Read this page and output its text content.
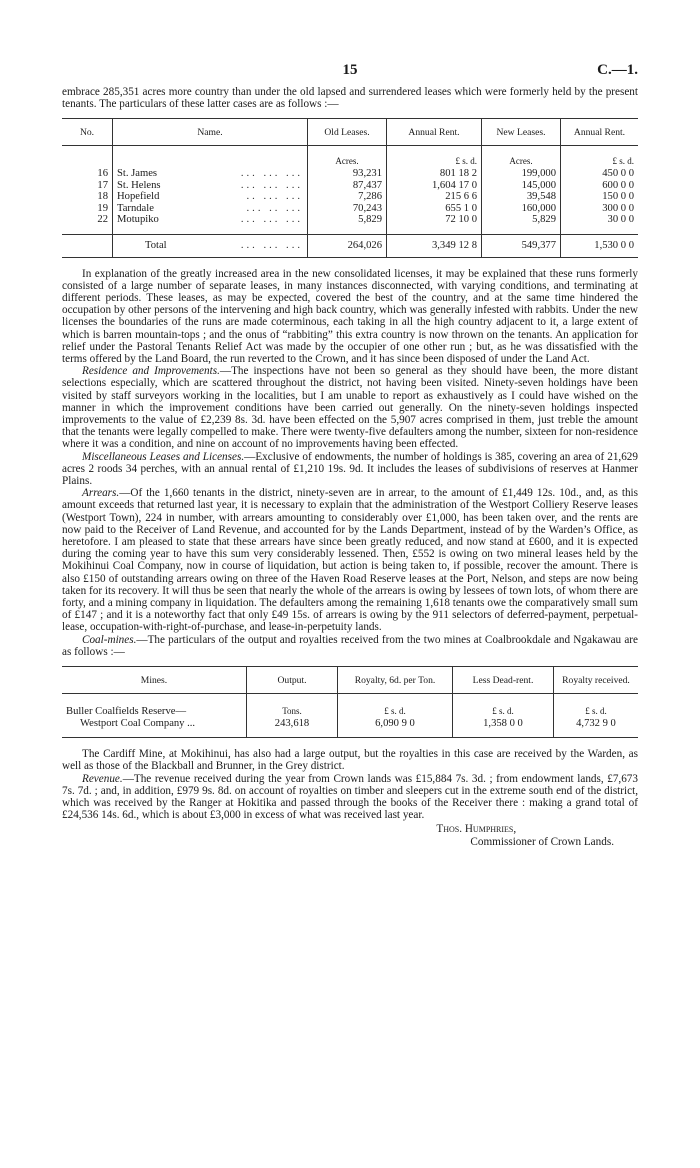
15	C.—1.

embrace 285,351 acres more country than under the old lapsed and surrendered leases which were formerly held by the present tenants. The particulars of these latter cases are as follows :—

No.	Name.	Old Leases.	Annual Rent.	New Leases.	Annual Rent.
		Acres.	£ s. d.	Acres.	£ s. d.
16	St. James ... ... ...	93,231	801 18 2	199,000	450 0 0
17	St. Helens ... ... ...	87,437	1,604 17 0	145,000	600 0 0
18	Hopefield .. ... ...	7,286	215 6 6	39,548	150 0 0
19	Tarndale ... .. ...	70,243	655 1 0	160,000	300 0 0
22	Motupiko ... ... ...	5,829	72 10 0	5,829	30 0 0
	Total ... ... ...	264,026	3,349 12 8	549,377	1,530 0 0

In explanation of the greatly increased area in the new consolidated licenses, it may be explained that these runs formerly consisted of a large number of separate leases, in many instances disconnected, with varying conditions, and terminating at different periods. These leases, as may be expected, covered the best of the country, and at the same time hindered the occupation by other persons of the intervening and high back country, which was generally infested with rabbits. Under the new licenses the boundaries of the runs are made coterminous, each taking in all the high country adjacent to it, a large extent of which is barren mountain-tops ; and the onus of “rabbiting” this extra country is now thrown on the tenants. An application for relief under the Pastoral Tenants Relief Act was made by the occupier of one other run ; but, as he was dissatisfied with the terms offered by the Land Board, the run reverted to the Crown, and it has since been disposed of under the Land Act.

Residence and Improvements.—The inspections have not been so general as they should have been, the more distant selections especially, which are scattered throughout the district, not having been visited. Ninety-seven holdings have been visited by staff surveyors working in the localities, but I am unable to report as exhaustively as I could have wished on the manner in which the improvement conditions have been carried out generally. On the ninety-seven holdings inspected improvements to the value of £2,239 8s. 3d. have been effected on the 5,907 acres comprised in them, just treble the amount that the tenants were legally compelled to make. There were twenty-five defaulters among the number, sixteen for non-residence where it was a condition, and nine on account of no improvements having been effected.

Miscellaneous Leases and Licenses.—Exclusive of endowments, the number of holdings is 385, covering an area of 21,629 acres 2 roods 34 perches, with an annual rental of £1,210 19s. 9d. It includes the leases of subdivisions of reserves at Hanmer Plains.

Arrears.—Of the 1,660 tenants in the district, ninety-seven are in arrear, to the amount of £1,449 12s. 10d., and, as this amount exceeds that returned last year, it is necessary to explain that the administration of the Westport Colliery Reserve leases (Westport Town), 224 in number, with arrears amounting to considerably over £1,000, has been taken over, and the rents are now paid to the Receiver of Land Revenue, and accounted for by the Lands Department, instead of by the Warden’s Office, as heretofore. I am pleased to state that these arrears have since been greatly reduced, and now stand at £600, and it is expected during the coming year to have this sum very considerably lessened. Then, £552 is owing on two mineral leases held by the Mokihinui Coal Company, now in course of liquidation, but action is being taken to, if possible, recover the amount. There is also £150 of outstanding arrears owing on three of the Haven Road Reserve leases at the Port, Nelson, and steps are now being taken for its recovery. It will thus be seen that nearly the whole of the arrears is owing by lessees of town lots, of whom there are forty, and a mining company in liquidation. The defaulters among the remaining 1,618 tenants owe the comparatively small sum of £147 ; and it is a noteworthy fact that only £49 15s. of arrears is owing by the 911 selectors of deferred-payment, perpetual-lease, occupation-with-right-of-purchase, and lease-in-perpetuity lands.

Coal-mines.—The particulars of the output and royalties received from the two mines at Coalbrookdale and Ngakawau are as follows :—

Mines.	Output.	Royalty, 6d. per Ton.	Less Dead-rent.	Royalty received.
Buller Coalfields Reserve—	Tons.	£ s. d.	£ s. d.	£ s. d.
Westport Coal Company ...	243,618	6,090 9 0	1,358 0 0	4,732 9 0

The Cardiff Mine, at Mokihinui, has also had a large output, but the royalties in this case are received by the Warden, as well as those of the Blackball and Brunner, in the Grey district.

Revenue.—The revenue received during the year from Crown lands was £15,884 7s. 3d. ; from endowment lands, £7,673 7s. 7d. ; and, in addition, £979 9s. 8d. on account of royalties on timber and sleepers cut in the extreme south end of the district, which was received by the Ranger at Hokitika and passed through the books of the Receiver there : making a grand total of £24,536 14s. 6d., which is about £3,000 in excess of what was received last year.

Thos. Humphries,
Commissioner of Crown Lands.
